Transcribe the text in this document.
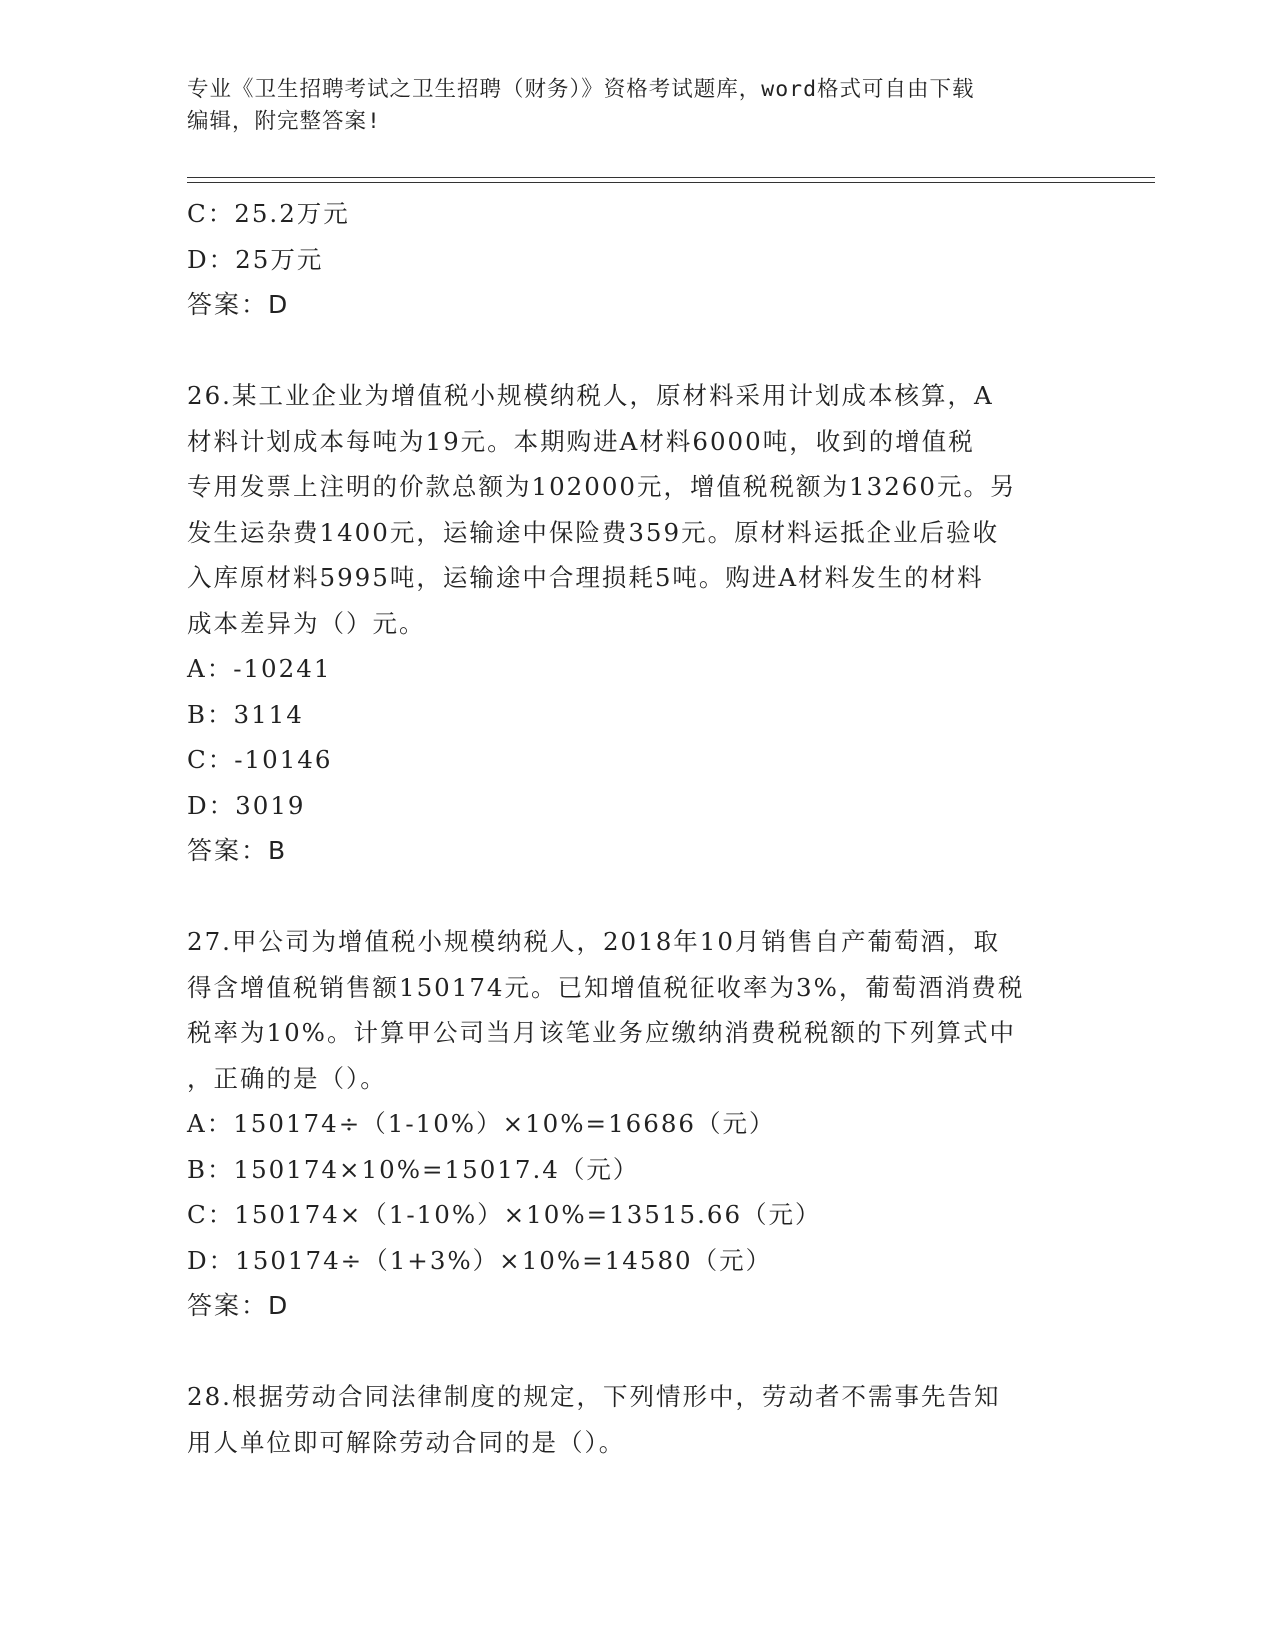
专业《卫生招聘考试之卫生招聘（财务）》资格考试题库，word格式可自由下载
编辑，附完整答案!
C：25.2万元
D：25万元
答案：D
26.某工业企业为增值税小规模纳税人，原材料采用计划成本核算，A
材料计划成本每吨为19元。本期购进A材料6000吨，收到的增值税
专用发票上注明的价款总额为102000元，增值税税额为13260元。另
发生运杂费1400元，运输途中保险费359元。原材料运抵企业后验收
入库原材料5995吨，运输途中合理损耗5吨。购进A材料发生的材料
成本差异为（）元。
A：-10241
B：3114
C：-10146
D：3019
答案：B
27.甲公司为增值税小规模纳税人，2018年10月销售自产葡萄酒，取
得含增值税销售额150174元。已知增值税征收率为3%，葡萄酒消费税
税率为10%。计算甲公司当月该笔业务应缴纳消费税税额的下列算式中
，正确的是（）。
A：150174÷（1-10%）×10%=16686（元）
B：150174×10%=15017.4（元）
C：150174×（1-10%）×10%=13515.66（元）
D：150174÷（1+3%）×10%=14580（元）
答案：D
28.根据劳动合同法律制度的规定，下列情形中，劳动者不需事先告知
用人单位即可解除劳动合同的是（）。
